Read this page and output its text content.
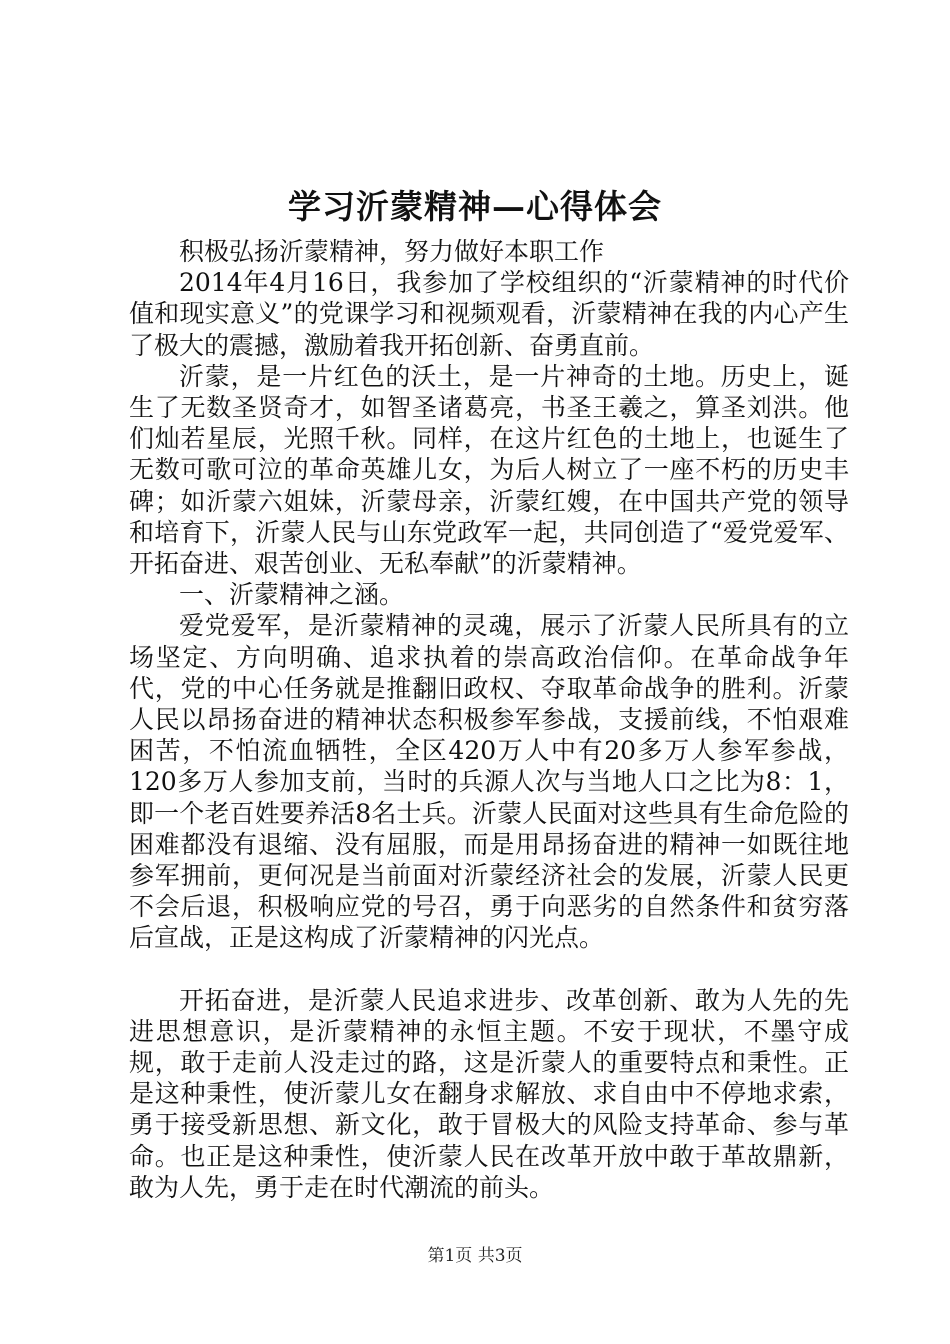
学习沂蒙精神—心得体会

积极弘扬沂蒙精神，努力做好本职工作

2014年4月16日，我参加了学校组织的“沂蒙精神的时代价值和现实意义”的党课学习和视频观看，沂蒙精神在我的内心产生了极大的震撼，激励着我开拓创新、奋勇直前。

沂蒙，是一片红色的沃土，是一片神奇的土地。历史上，诞生了无数圣贤奇才，如智圣诸葛亮，书圣王羲之，算圣刘洪。他们灿若星辰，光照千秋。同样，在这片红色的土地上，也诞生了无数可歌可泣的革命英雄儿女，为后人树立了一座不朽的历史丰碑；如沂蒙六姐妹，沂蒙母亲，沂蒙红嫂，在中国共产党的领导和培育下，沂蒙人民与山东党政军一起，共同创造了“爱党爱军、开拓奋进、艰苦创业、无私奉献”的沂蒙精神。

一、沂蒙精神之涵。

爱党爱军，是沂蒙精神的灵魂，展示了沂蒙人民所具有的立场坚定、方向明确、追求执着的崇高政治信仰。在革命战争年代，党的中心任务就是推翻旧政权、夺取革命战争的胜利。沂蒙人民以昂扬奋进的精神状态积极参军参战，支援前线，不怕艰难困苦，不怕流血牺牲，全区420万人中有20多万人参军参战，120多万人参加支前，当时的兵源人次与当地人口之比为8：1，即一个老百姓要养活8名士兵。沂蒙人民面对这些具有生命危险的困难都没有退缩、没有屈服，而是用昂扬奋进的精神一如既往地参军拥前，更何况是当前面对沂蒙经济社会的发展，沂蒙人民更不会后退，积极响应党的号召，勇于向恶劣的自然条件和贫穷落后宣战，正是这构成了沂蒙精神的闪光点。

开拓奋进，是沂蒙人民追求进步、改革创新、敢为人先的先进思想意识，是沂蒙精神的永恒主题。不安于现状，不墨守成规，敢于走前人没走过的路，这是沂蒙人的重要特点和秉性。正是这种秉性，使沂蒙儿女在翻身求解放、求自由中不停地求索，勇于接受新思想、新文化，敢于冒极大的风险支持革命、参与革命。也正是这种秉性，使沂蒙人民在改革开放中敢于革故鼎新，敢为人先，勇于走在时代潮流的前头。

第1页 共3页
